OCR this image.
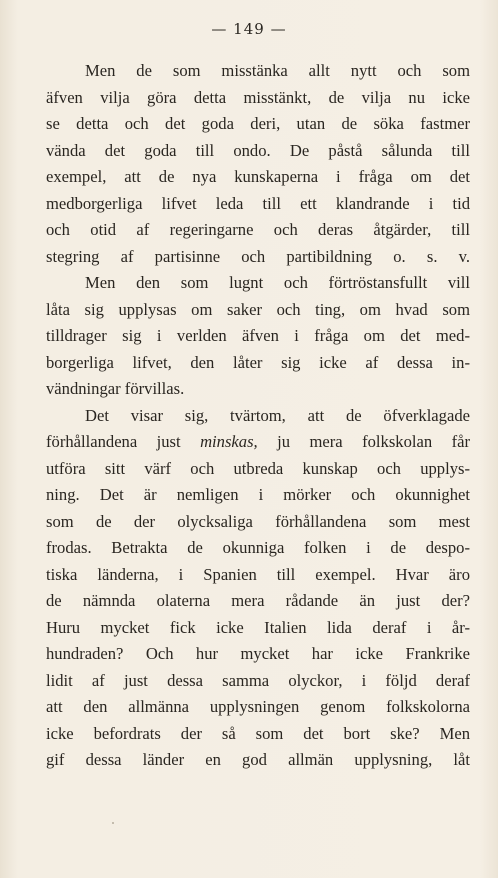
— 149 —
Men de som misstänka allt nytt och som
äfven vilja göra detta misstänkt, de vilja nu icke
se detta och det goda deri, utan de söka fastmer
vända det goda till ondo. De påstå sålunda till
exempel, att de nya kunskaperna i fråga om det
medborgerliga lifvet leda till ett klandrande i tid
och otid af regeringarne och deras åtgärder, till
stegring af partisinne och partibildning o. s. v.
Men den som lugnt och förtröstansfullt vill
låta sig upplysas om saker och ting, om hvad som
tilldrager sig i verlden äfven i fråga om det med-
borgerliga lifvet, den låter sig icke af dessa in-
vändningar förvillas.
Det visar sig, tvärtom, att de öfverklagade
förhållandena just minskas, ju mera folkskolan får
utföra sitt värf och utbreda kunskap och upplys-
ning. Det är nemligen i mörker och okunnighet
som de der olycksaliga förhållandena som mest
frodas. Betrakta de okunniga folken i de despo-
tiska länderna, i Spanien till exempel. Hvar äro
de nämnda olaterna mera rådande än just der?
Huru mycket fick icke Italien lida deraf i år-
hundraden? Och hur mycket har icke Frankrike
lidit af just dessa samma olyckor, i följd deraf
att den allmänna upplysningen genom folkskolorna
icke befordrats der så som det bort ske? Men
gif dessa länder en god allmän upplysning, låt
